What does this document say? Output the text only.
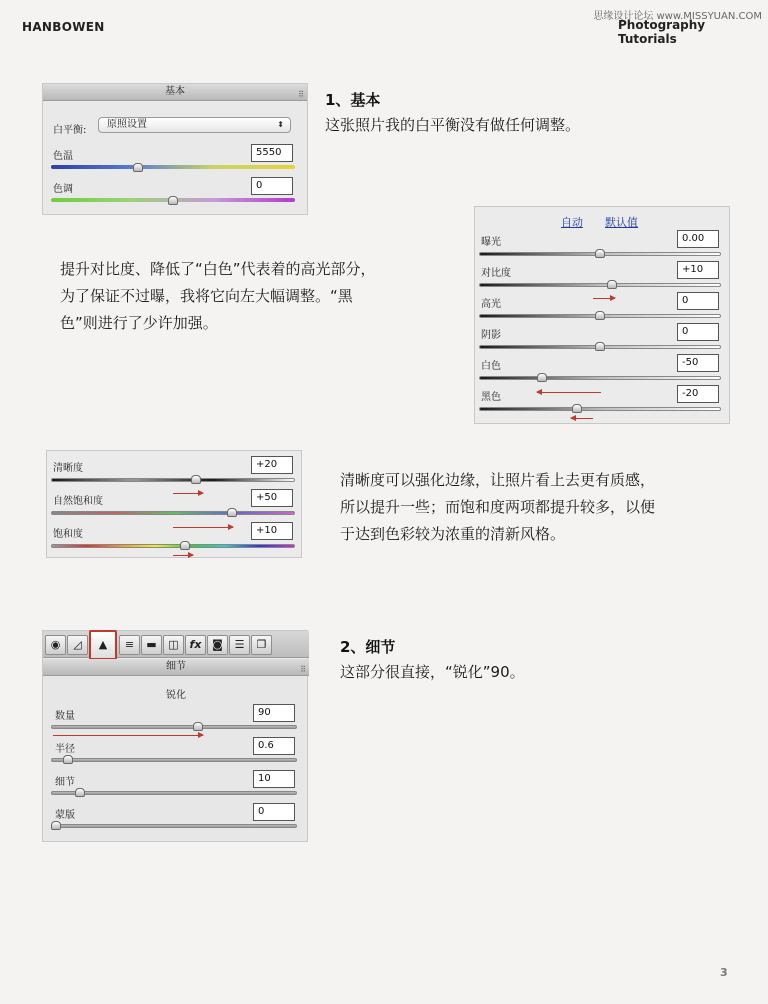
HANBOWEN
思缘设计论坛 www.MISSYUAN.COM
Photography Tutorials
基本	⠿
白平衡:
原照设置	⬍
色温	5550
色调	0
1、基本
这张照片我的白平衡没有做任何调整。
提升对比度、降低了“白色”代表着的高光部分，
为了保证不过曝，我将它向左大幅调整。“黑
色”则进行了少许加强。
自动 默认值
曝光	0.00
对比度	+10
高光	0
阴影	0
白色	-50
黑色	-20
清晰度	+20
自然饱和度	+50
饱和度	+10
清晰度可以强化边缘，让照片看上去更有质感，
所以提升一些；而饱和度两项都提升较多，以便
于达到色彩较为浓重的清新风格。
◉	◿	▲	≡	▬	◫ fx ◙	☰	❐
细节	⠿
锐化
数量	90
半径	0.6
细节	10
蒙版	0
2、细节
这部分很直接，“锐化”90。
3
